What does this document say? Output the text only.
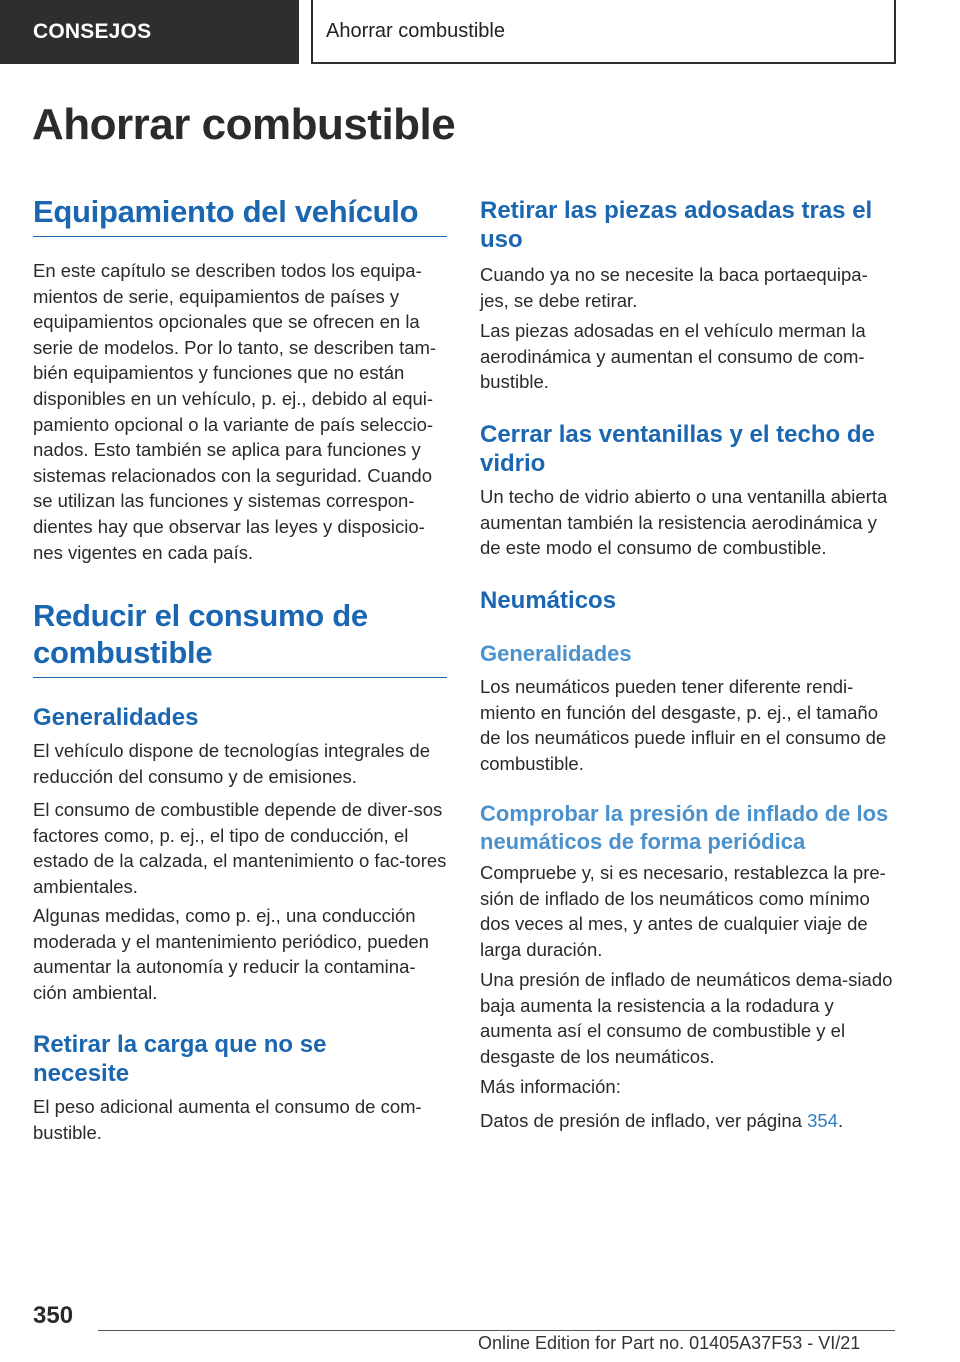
CONSEJOS	Ahorrar combustible
Ahorrar combustible
Equipamiento del vehículo

En este capítulo se describen todos los equipa-mientos de serie, equipamientos de países y equipamientos opcionales que se ofrecen en la serie de modelos. Por lo tanto, se describen tam-bién equipamientos y funciones que no están disponibles en un vehículo, p. ej., debido al equi-pamiento opcional o la variante de país seleccio-nados. Esto también se aplica para funciones y sistemas relacionados con la seguridad. Cuando se utilizan las funciones y sistemas correspon-dientes hay que observar las leyes y disposicio-nes vigentes en cada país.

Reducir el consumo de combustible
Generalidades

El vehículo dispone de tecnologías integrales de reducción del consumo y de emisiones.

El consumo de combustible depende de diver-sos factores como, p. ej., el tipo de conducción, el estado de la calzada, el mantenimiento o fac-tores ambientales.

Algunas medidas, como p. ej., una conducción moderada y el mantenimiento periódico, pueden aumentar la autonomía y reducir la contamina-ción ambiental.

Retirar la carga que no se necesite

El peso adicional aumenta el consumo de com-bustible.

Retirar las piezas adosadas tras el uso

Cuando ya no se necesite la baca portaequipa-jes, se debe retirar.

Las piezas adosadas en el vehículo merman la aerodinámica y aumentan el consumo de com-bustible.

Cerrar las ventanillas y el techo de vidrio

Un techo de vidrio abierto o una ventanilla abierta aumentan también la resistencia aerodinámica y de este modo el consumo de combustible.

Neumáticos
Generalidades

Los neumáticos pueden tener diferente rendi-miento en función del desgaste, p. ej., el tamaño de los neumáticos puede influir en el consumo de combustible.

Comprobar la presión de inflado de los neumáticos de forma periódica

Compruebe y, si es necesario, restablezca la pre-sión de inflado de los neumáticos como mínimo dos veces al mes, y antes de cualquier viaje de larga duración.

Una presión de inflado de neumáticos dema-siado baja aumenta la resistencia a la rodadura y aumenta así el consumo de combustible y el desgaste de los neumáticos.

Más información:

Datos de presión de inflado, ver página 354.

350
Online Edition for Part no. 01405A37F53 - VI/21
